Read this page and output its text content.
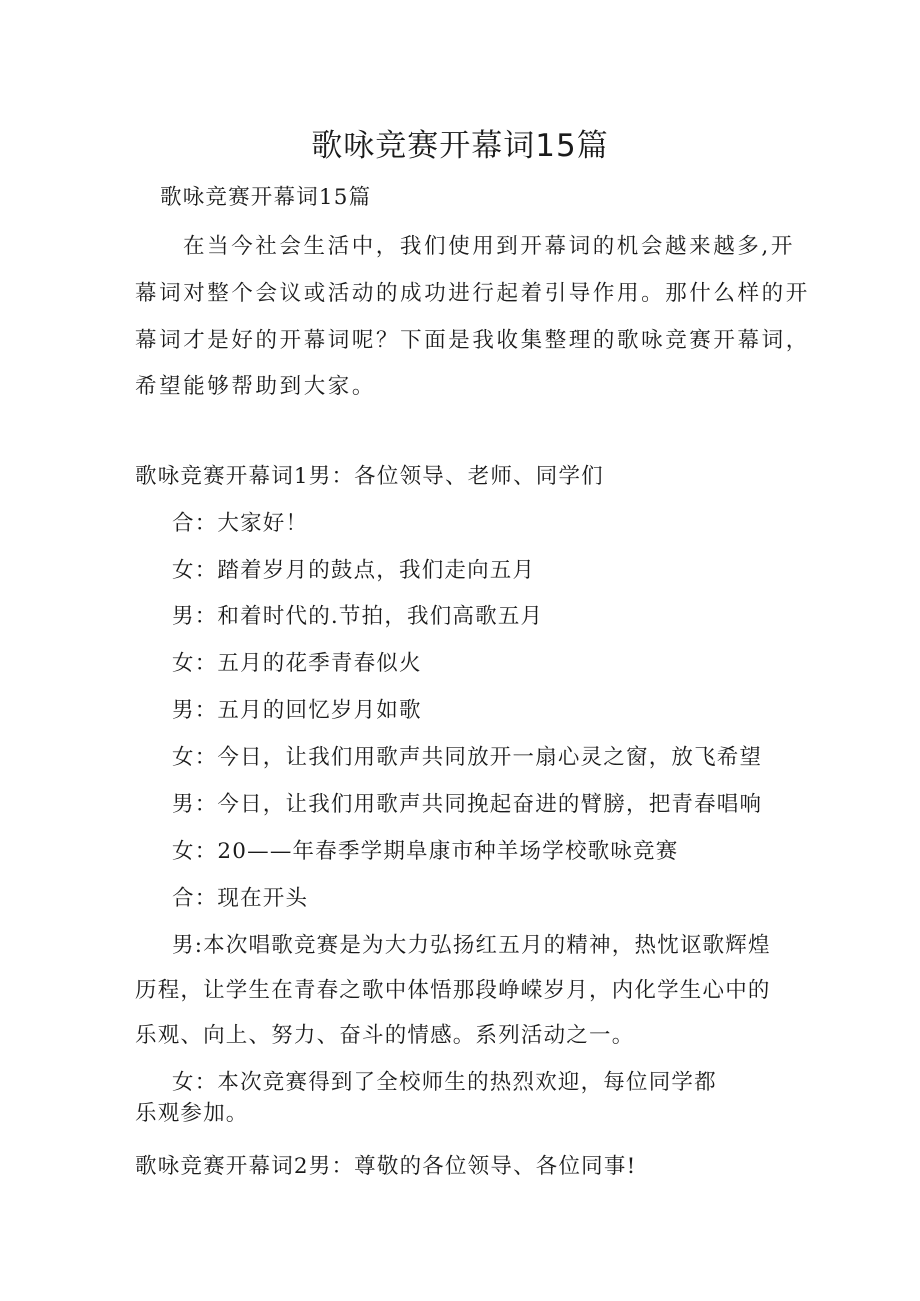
歌咏竞赛开幕词15篇
歌咏竞赛开幕词15篇
在当今社会生活中，我们使用到开幕词的机会越来越多,开
幕词对整个会议或活动的成功进行起着引导作用。那什么样的开
幕词才是好的开幕词呢？下面是我收集整理的歌咏竞赛开幕词，
希望能够帮助到大家。
歌咏竞赛开幕词1男：各位领导、老师、同学们
合：大家好！
女：踏着岁月的鼓点，我们走向五月
男：和着时代的.节拍，我们高歌五月
女：五月的花季青春似火
男：五月的回忆岁月如歌
女：今日，让我们用歌声共同放开一扇心灵之窗，放飞希望
男：今日，让我们用歌声共同挽起奋进的臂膀，把青春唱响
女：20——年春季学期阜康市种羊场学校歌咏竞赛
合：现在开头
男:本次唱歌竞赛是为大力弘扬红五月的精神，热忱讴歌辉煌
历程，让学生在青春之歌中体悟那段峥嵘岁月，内化学生心中的
乐观、向上、努力、奋斗的情感。系列活动之一。
女：本次竞赛得到了全校师生的热烈欢迎，每位同学都
乐观参加。
歌咏竞赛开幕词2男：尊敬的各位领导、各位同事!
